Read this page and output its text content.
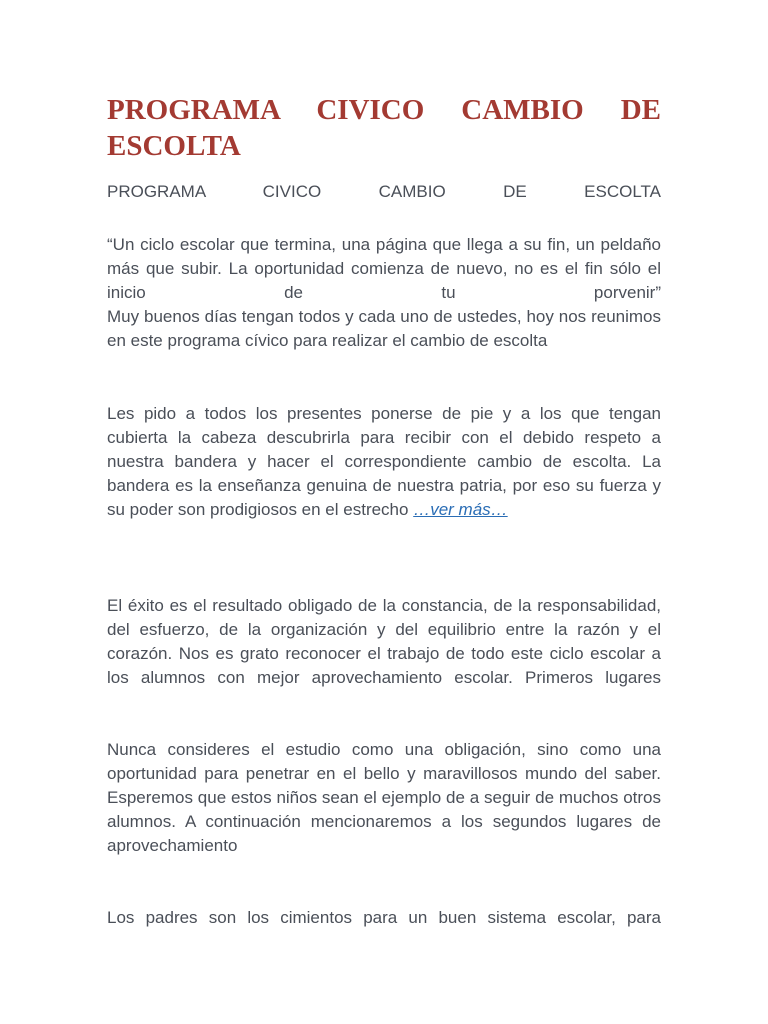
PROGRAMA CIVICO CAMBIO DE ESCOLTA

PROGRAMA CIVICO CAMBIO DE ESCOLTA

“Un ciclo escolar que termina, una página que llega a su fin, un peldaño más que subir. La oportunidad comienza de nuevo, no es el fin sólo el inicio de tu porvenir”
Muy buenos días tengan todos y cada uno de ustedes, hoy nos reunimos en este programa cívico para realizar el cambio de escolta

Les pido a todos los presentes ponerse de pie y a los que tengan cubierta la cabeza descubrirla para recibir con el debido respeto a nuestra bandera y hacer el correspondiente cambio de escolta. La bandera es la enseñanza genuina de nuestra patria, por eso su fuerza y su poder son prodigiosos en el estrecho …ver más…

El éxito es el resultado obligado de la constancia, de la responsabilidad, del esfuerzo, de la organización y del equilibrio entre la razón y el corazón. Nos es grato reconocer el trabajo de todo este ciclo escolar a los alumnos con mejor aprovechamiento escolar. Primeros lugares

Nunca consideres el estudio como una obligación, sino como una oportunidad para penetrar en el bello y maravillosos mundo del saber. Esperemos que estos niños sean el ejemplo de a seguir de muchos otros alumnos. A continuación mencionaremos a los segundos lugares de aprovechamiento

Los padres son los cimientos para un buen sistema escolar, para
